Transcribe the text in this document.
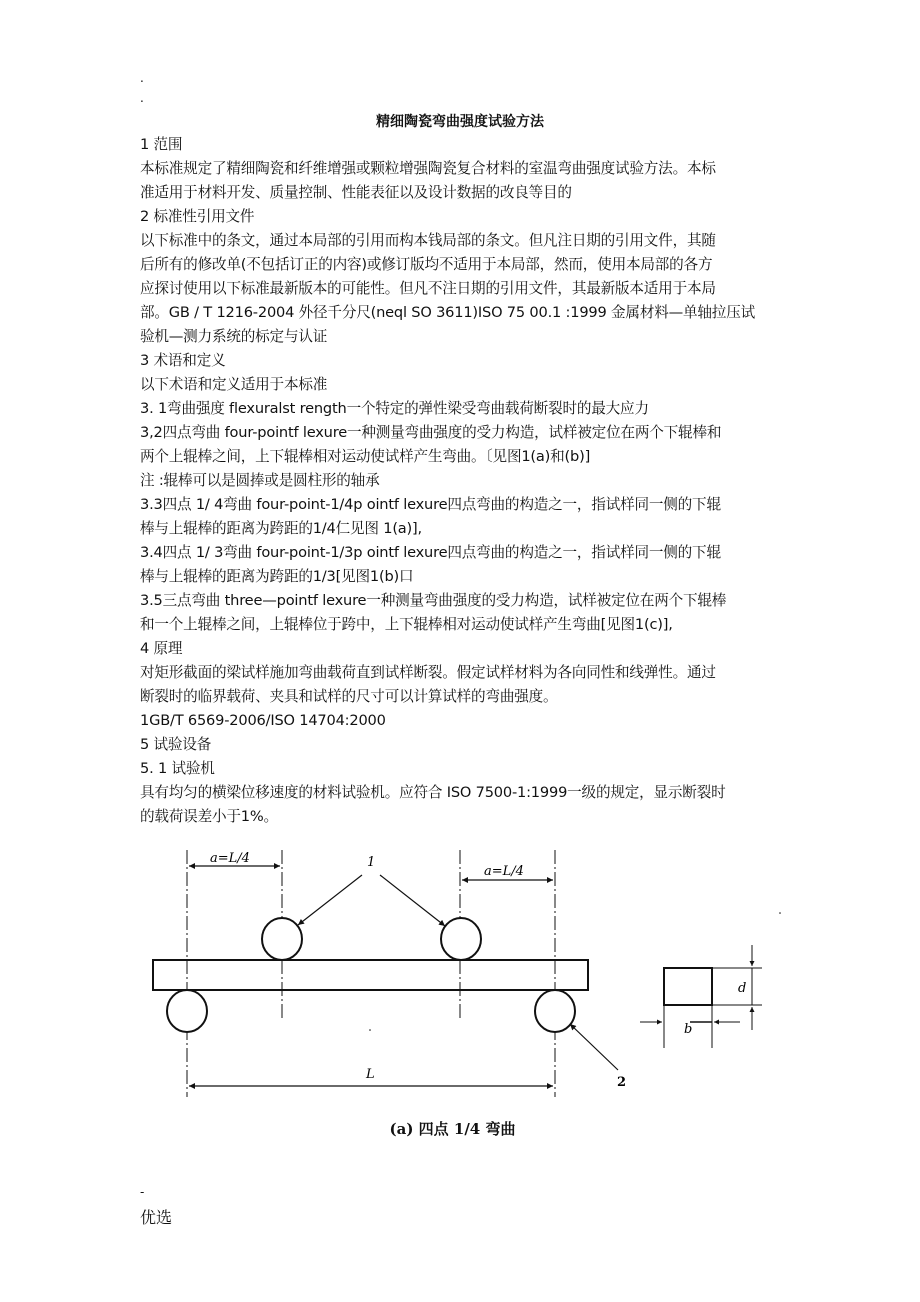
.
.
精细陶瓷弯曲强度试验方法
1 范围
本标准规定了精细陶瓷和纤维增强或颗粒增强陶瓷复合材料的室温弯曲强度试验方法。本标
准适用于材料开发、质量控制、性能表征以及设计数据的改良等目的
2 标准性引用文件
以下标准中的条文，通过本局部的引用而构本钱局部的条文。但凡注日期的引用文件，其随
后所有的修改单(不包括订正的内容)或修订版均不适用于本局部，然而，使用本局部的各方
应探讨使用以下标准最新版本的可能性。但凡不注日期的引用文件，其最新版本适用于本局
部。GB / T 1216-2004 外径千分尺(neql SO 3611)ISO 75 00.1 :1999 金属材料—单轴拉压试
验机—测力系统的标定与认证
3 术语和定义
以下术语和定义适用于本标准
3. 1弯曲强度 flexuralst rength一个特定的弹性梁受弯曲载荷断裂时的最大应力
3,2四点弯曲 four-pointf lexure一种测量弯曲强度的受力构造，试样被定位在两个下辊棒和
两个上辊棒之间，上下辊棒相对运动使试样产生弯曲。〔见图1(a)和(b)]
注 :辊棒可以是圆捧或是圆柱形的轴承
3.3四点 1/ 4弯曲 four-point-1/4p ointf lexure四点弯曲的构造之一，指试样同一侧的下辊
棒与上辊棒的距离为跨距的1/4仁见图 1(a)],
3.4四点 1/ 3弯曲 four-point-1/3p ointf lexure四点弯曲的构造之一，指试样同一侧的下辊
棒与上辊棒的距离为跨距的1/3[见图1(b)口
3.5三点弯曲 three—pointf lexure一种测量弯曲强度的受力构造，试样被定位在两个下辊棒
和一个上辊棒之间，上辊棒位于跨中，上下辊棒相对运动使试样产生弯曲[见图1(c)],
4 原理
对矩形截面的梁试样施加弯曲载荷直到试样断裂。假定试样材料为各向同性和线弹性。通过
断裂时的临界载荷、夹具和试样的尺寸可以计算试样的弯曲强度。
1GB/T 6569-2006/ISO 14704:2000
5 试验设备
5. 1 试验机
具有均匀的横梁位移速度的材料试验机。应符合 ISO 7500-1:1999一级的规定，显示断裂时
的载荷误差小于1%。
a=L/4
a=L/4
1
2
L
b
d
(a) 四点 1/4 弯曲
-
优选
